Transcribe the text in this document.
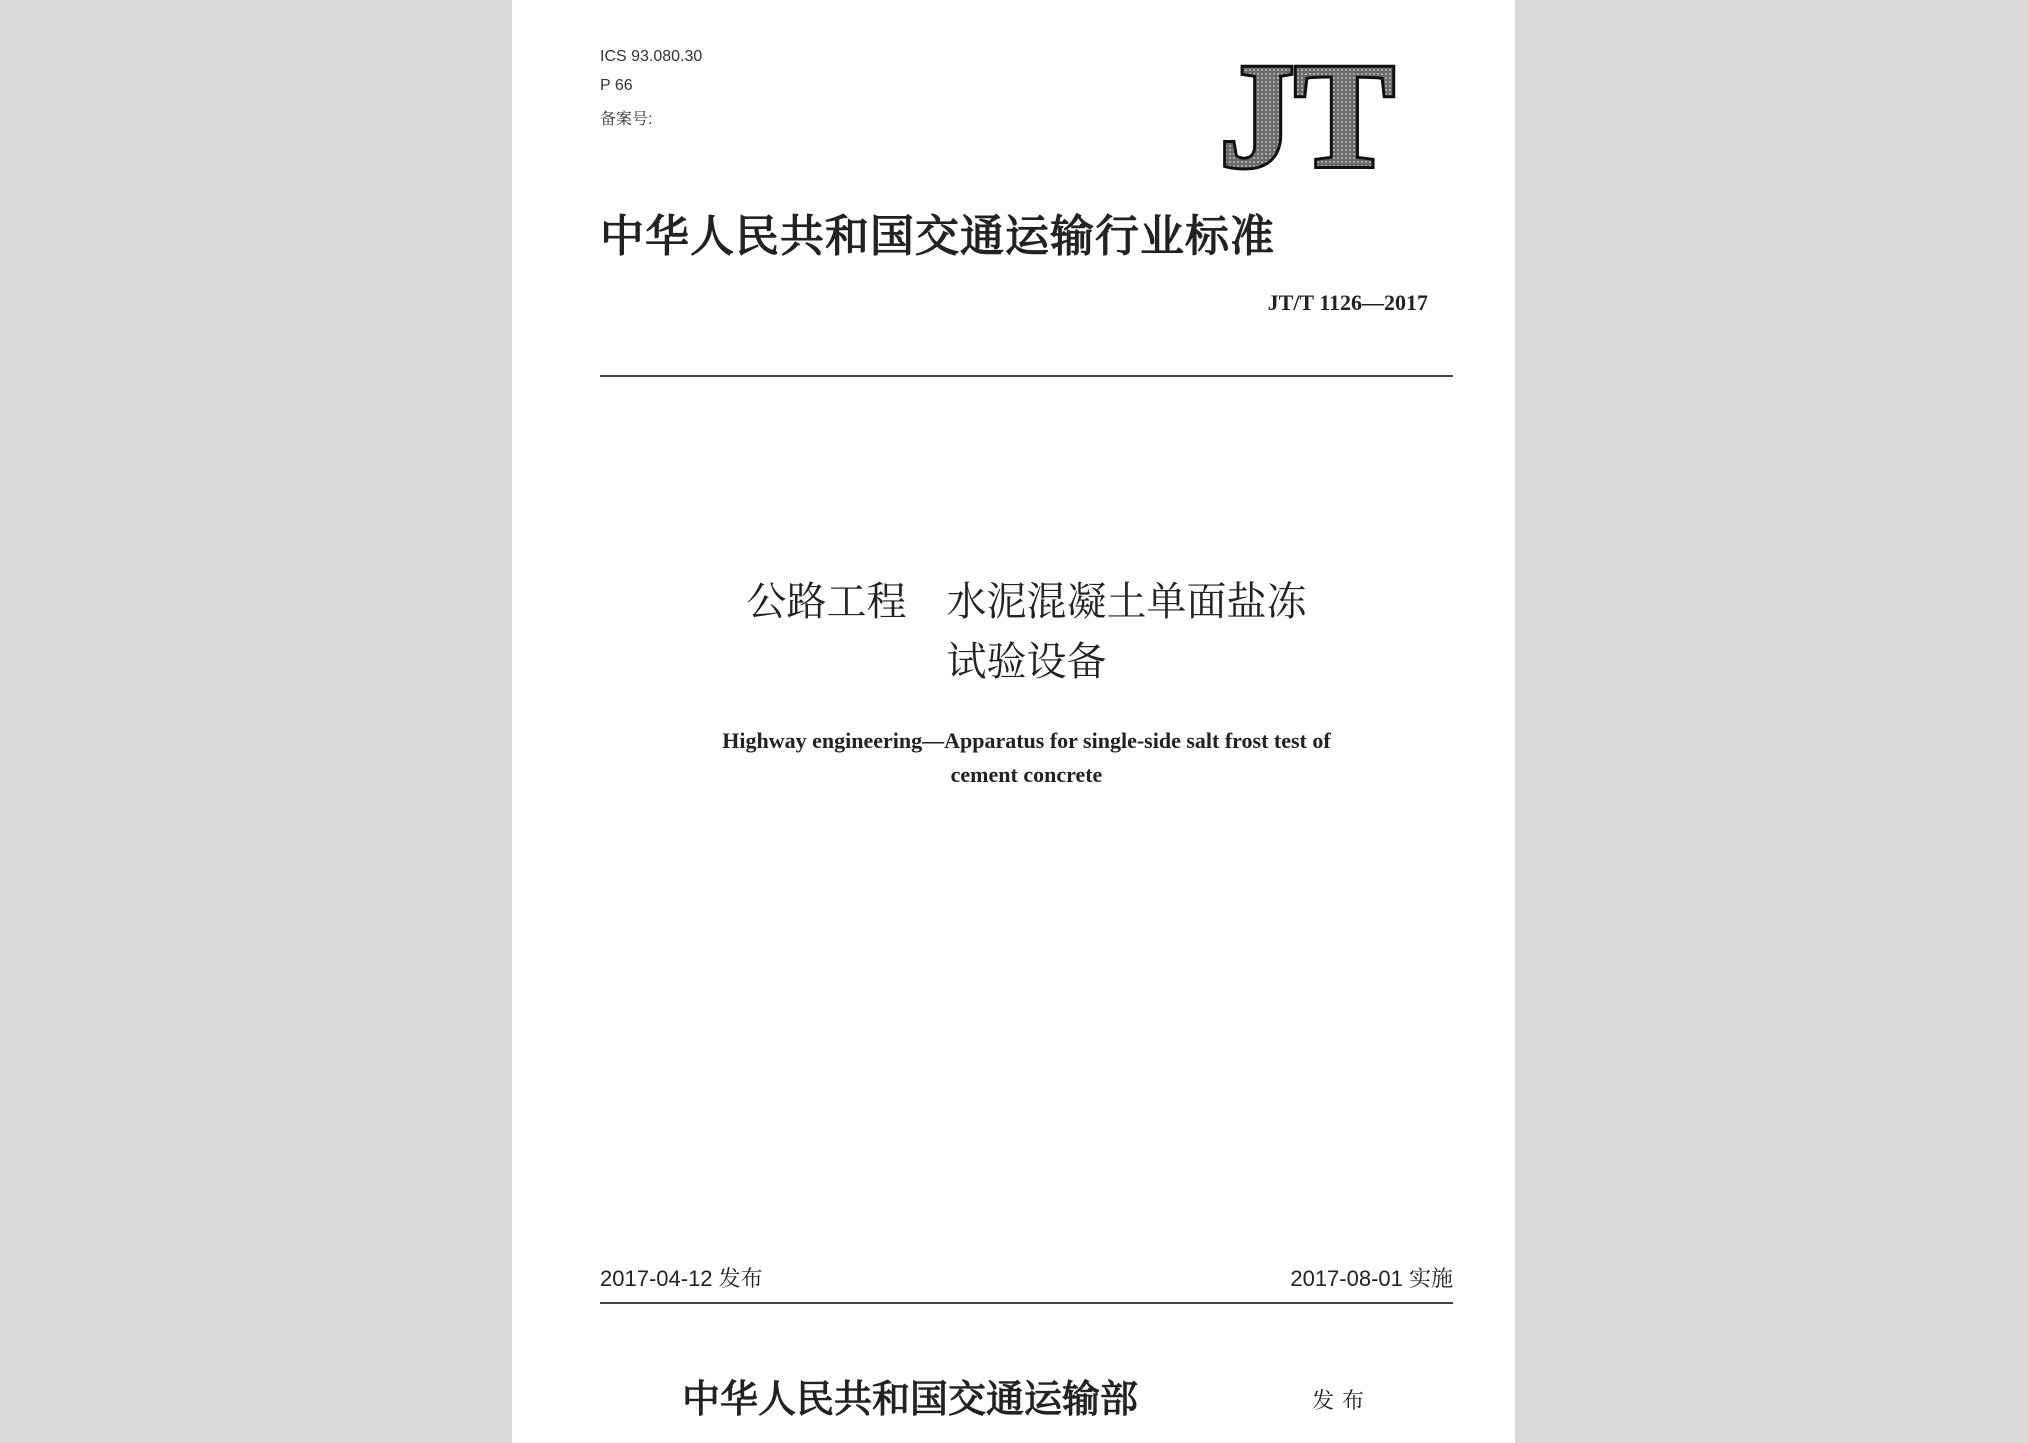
ICS 93.080.30
P 66
备案号:	JT
中华人民共和国交通运输行业标准
JT/T 1126—2017
公路工程　水泥混凝土单面盐冻
试验设备
Highway engineering—Apparatus for single-side salt frost test of
cement concrete
2017-04-12 发布	2017-08-01 实施
中华人民共和国交通运输部	发布
